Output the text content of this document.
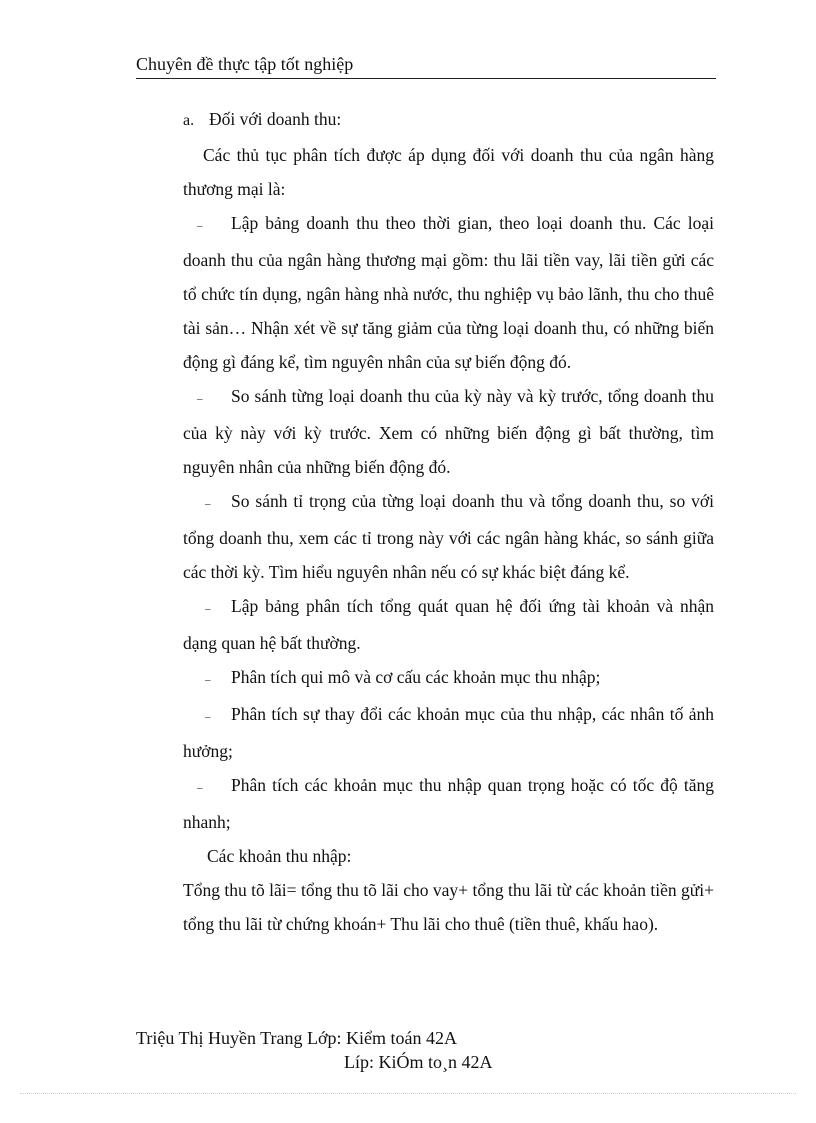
Chuyên đề thực tập tốt nghiệp
a. Đối với doanh thu:

Các thủ tục phân tích được áp dụng đối với doanh thu của ngân hàng thương mại là:

– Lập bảng doanh thu theo thời gian, theo loại doanh thu. Các loại doanh thu của ngân hàng thương mại gồm: thu lãi tiền vay, lãi tiền gửi các tổ chức tín dụng, ngân hàng nhà nước, thu nghiệp vụ bảo lãnh, thu cho thuê tài sản… Nhận xét về sự tăng giảm của từng loại doanh thu, có những biến động gì đáng kể, tìm nguyên nhân của sự biến động đó.

– So sánh từng loại doanh thu của kỳ này và kỳ trước, tổng doanh thu của kỳ này với kỳ trước. Xem có những biến động gì bất thường, tìm nguyên nhân của những biến động đó.

– So sánh tỉ trọng của từng loại doanh thu và tổng doanh thu, so với tổng doanh thu, xem các tỉ trong này với các ngân hàng khác, so sánh giữa các thời kỳ. Tìm hiểu nguyên nhân nếu có sự khác biệt đáng kể.

– Lập bảng phân tích tổng quát quan hệ đối ứng tài khoản và nhận dạng quan hệ bất thường.

– Phân tích qui mô và cơ cấu các khoản mục thu nhập;

– Phân tích sự thay đổi các khoản mục của thu nhập, các nhân tố ảnh hưởng;

– Phân tích các khoản mục thu nhập quan trọng hoặc có tốc độ tăng nhanh;

Các khoản thu nhập:

Tổng thu tõ lãi= tổng thu tõ lãi cho vay+ tổng thu lãi từ các khoản tiền gửi+ tổng thu lãi từ chứng khoán+ Thu lãi cho thuê (tiền thuê, khấu hao).

Triệu Thị Huyền Trang Lớp: Kiểm toán 42A
Líp: KiÓm to¸n 42A
